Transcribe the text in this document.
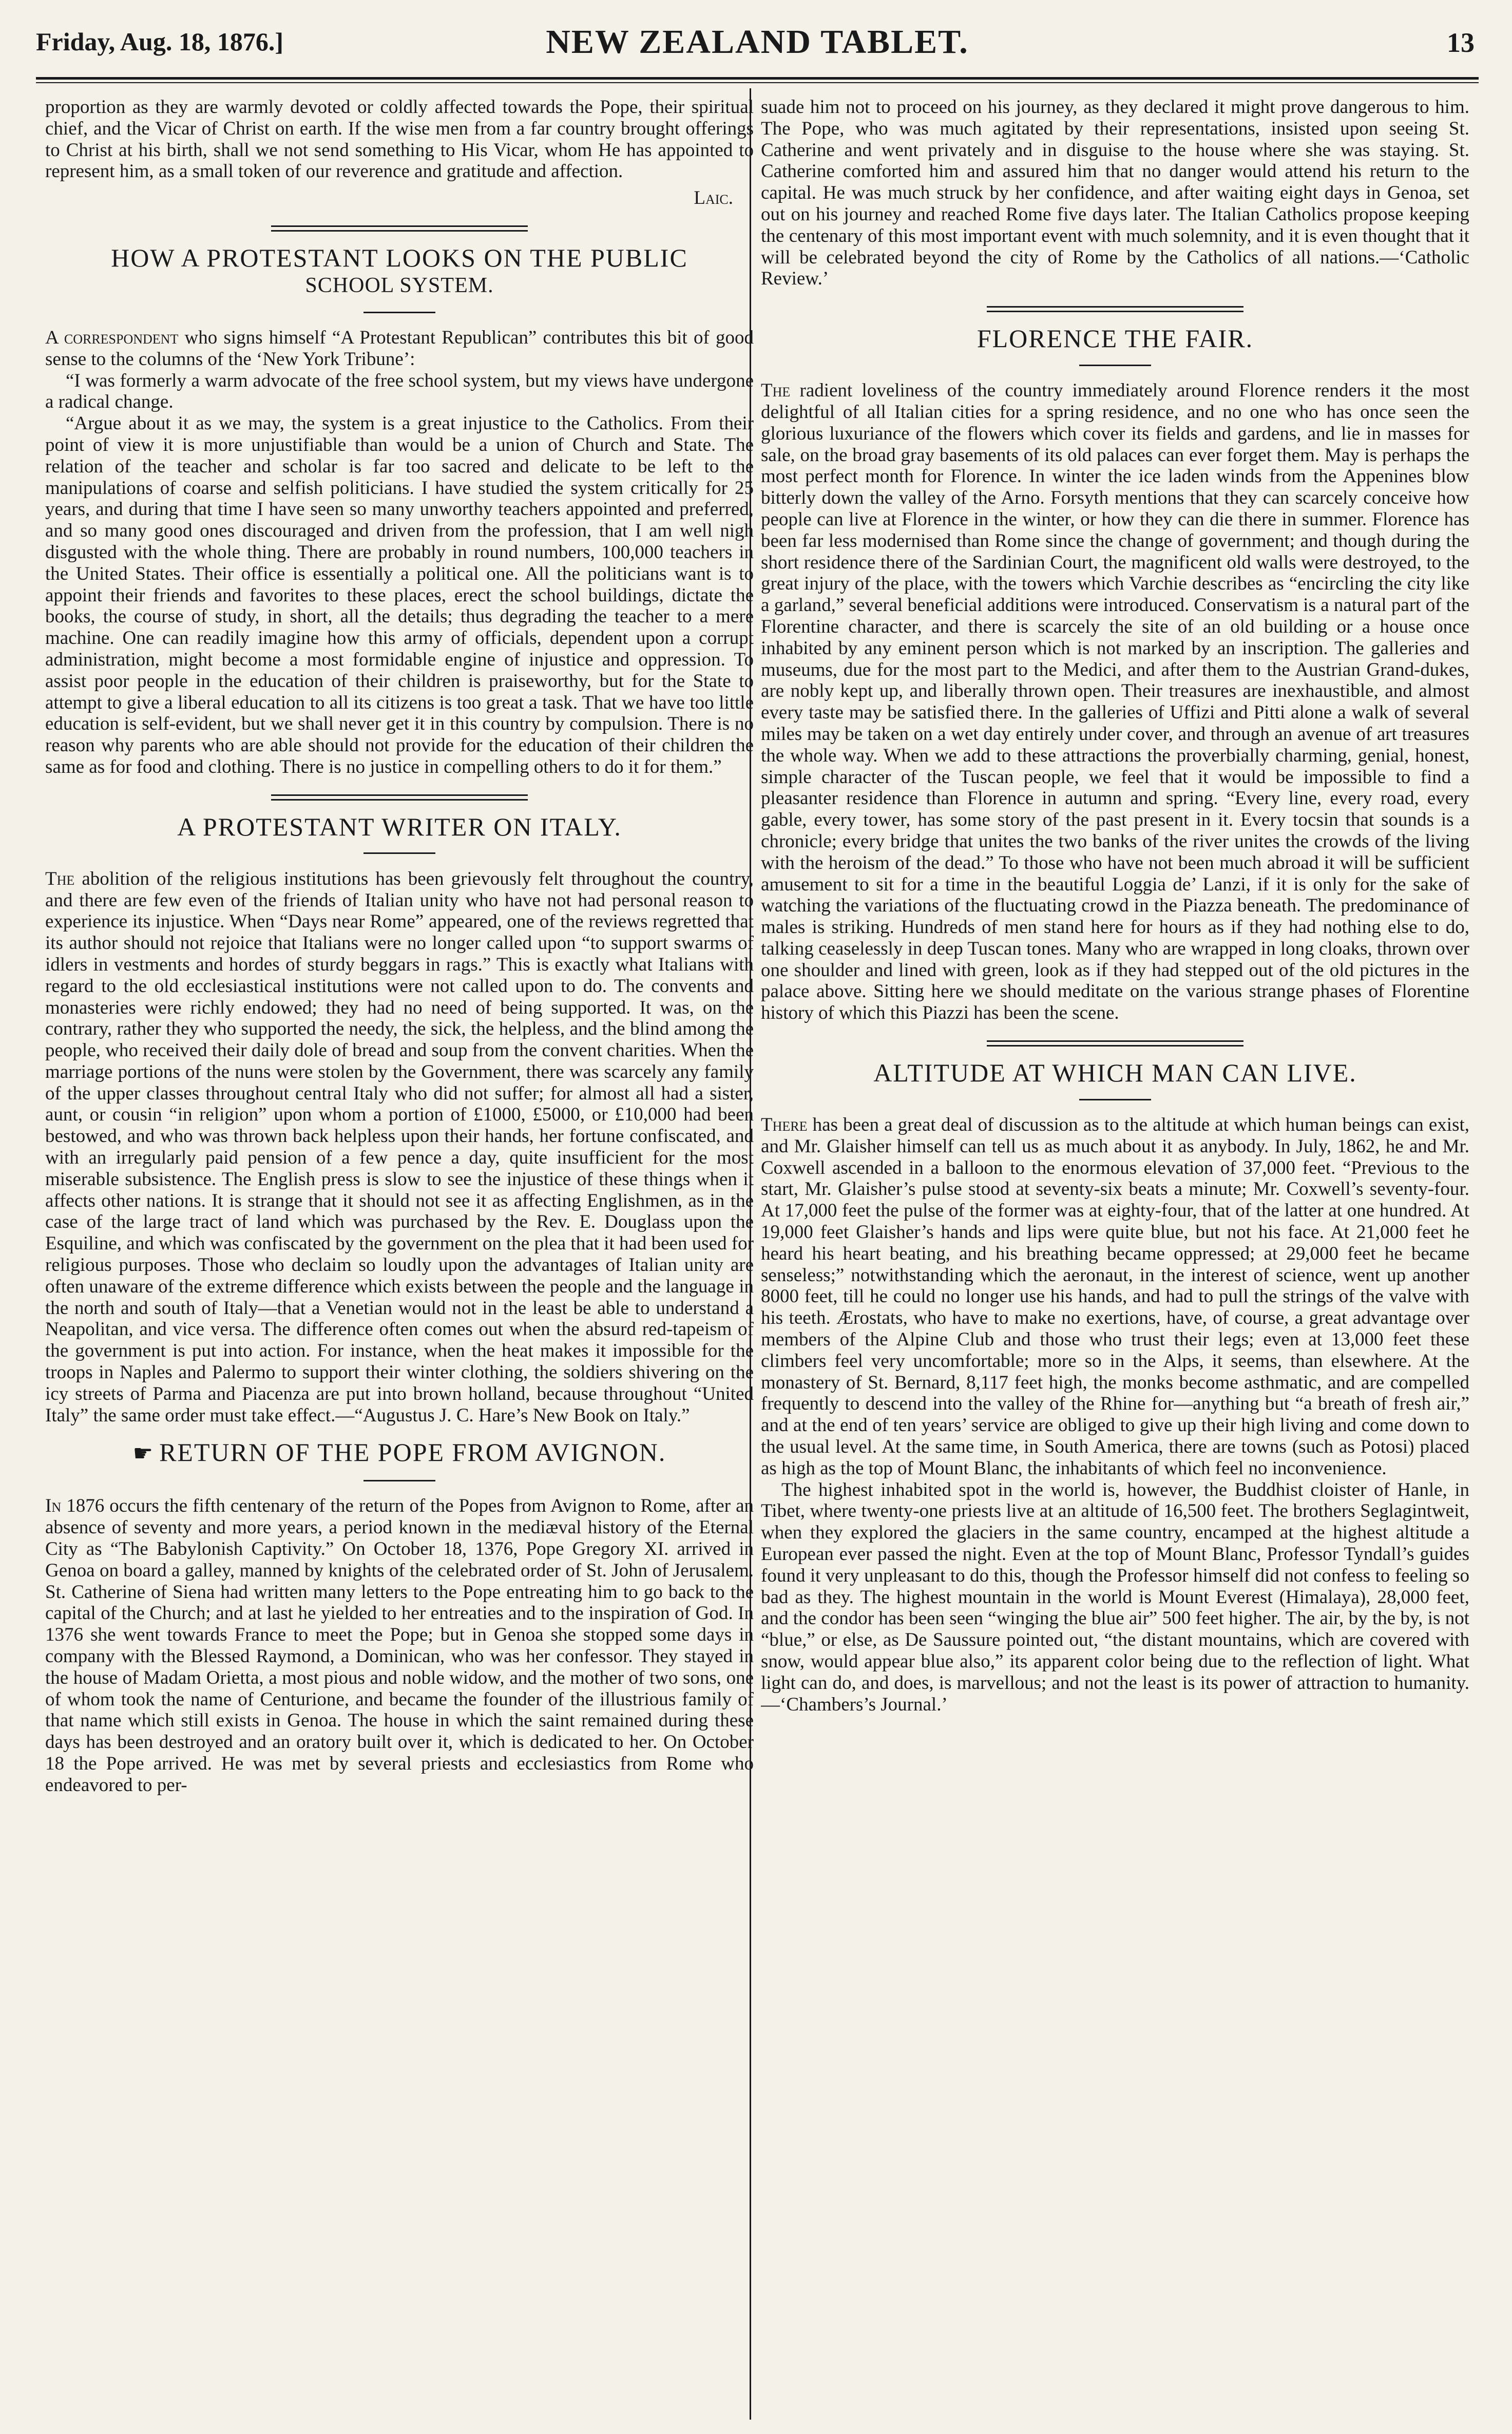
Friday, Aug. 18, 1876.]	NEW ZEALAND TABLET.	13

proportion as they are warmly devoted or coldly affected towards the Pope, their spiritual chief, and the Vicar of Christ on earth. If the wise men from a far country brought offerings to Christ at his birth, shall we not send something to His Vicar, whom He has appointed to represent him, as a small token of our reverence and gratitude and affection.

Laic.
HOW A PROTESTANT LOOKS ON THE PUBLIC
SCHOOL SYSTEM.

A correspondent who signs himself “A Protestant Republican” contributes this bit of good sense to the columns of the ‘New York Tribune’:

“I was formerly a warm advocate of the free school system, but my views have undergone a radical change.

“Argue about it as we may, the system is a great injustice to the Catholics. From their point of view it is more unjustifiable than would be a union of Church and State. The relation of the teacher and scholar is far too sacred and delicate to be left to the manipulations of coarse and selfish politicians. I have studied the system critically for 25 years, and during that time I have seen so many unworthy teachers appointed and preferred, and so many good ones discouraged and driven from the profession, that I am well nigh disgusted with the whole thing. There are probably in round numbers, 100,000 teachers in the United States. Their office is essentially a political one. All the politicians want is to appoint their friends and favorites to these places, erect the school buildings, dictate the books, the course of study, in short, all the details; thus degrading the teacher to a mere machine. One can readily imagine how this army of officials, dependent upon a corrupt administration, might become a most formidable engine of injustice and oppression. To assist poor people in the education of their children is praiseworthy, but for the State to attempt to give a liberal education to all its citizens is too great a task. That we have too little education is self-evident, but we shall never get it in this country by compulsion. There is no reason why parents who are able should not provide for the education of their children the same as for food and clothing. There is no justice in compelling others to do it for them.”

A PROTESTANT WRITER ON ITALY.

The abolition of the religious institutions has been grievously felt throughout the country, and there are few even of the friends of Italian unity who have not had personal reason to experience its injustice. When “Days near Rome” appeared, one of the reviews regretted that its author should not rejoice that Italians were no longer called upon “to support swarms of idlers in vestments and hordes of sturdy beggars in rags.” This is exactly what Italians with regard to the old ecclesiastical institutions were not called upon to do. The convents and monasteries were richly endowed; they had no need of being supported. It was, on the contrary, rather they who supported the needy, the sick, the helpless, and the blind among the people, who received their daily dole of bread and soup from the convent charities. When the marriage portions of the nuns were stolen by the Government, there was scarcely any family of the upper classes throughout central Italy who did not suffer; for almost all had a sister, aunt, or cousin “in religion” upon whom a portion of £1000, £5000, or £10,000 had been bestowed, and who was thrown back helpless upon their hands, her fortune confiscated, and with an irregularly paid pension of a few pence a day, quite insufficient for the most miserable subsistence. The English press is slow to see the injustice of these things when it affects other nations. It is strange that it should not see it as affecting Englishmen, as in the case of the large tract of land which was purchased by the Rev. E. Douglass upon the Esquiline, and which was confiscated by the government on the plea that it had been used for religious purposes. Those who declaim so loudly upon the advantages of Italian unity are often unaware of the extreme difference which exists between the people and the language in the north and south of Italy—that a Venetian would not in the least be able to understand a Neapolitan, and vice versa. The difference often comes out when the absurd red-tapeism of the government is put into action. For instance, when the heat makes it impossible for the troops in Naples and Palermo to support their winter clothing, the soldiers shivering on the icy streets of Parma and Piacenza are put into brown holland, because throughout “United Italy” the same order must take effect.—“Augustus J. C. Hare’s New Book on Italy.”

☛ RETURN OF THE POPE FROM AVIGNON.

In 1876 occurs the fifth centenary of the return of the Popes from Avignon to Rome, after an absence of seventy and more years, a period known in the mediæval history of the Eternal City as “The Babylonish Captivity.” On October 18, 1376, Pope Gregory XI. arrived in Genoa on board a galley, manned by knights of the celebrated order of St. John of Jerusalem. St. Catherine of Siena had written many letters to the Pope entreating him to go back to the capital of the Church; and at last he yielded to her entreaties and to the inspiration of God. In 1376 she went towards France to meet the Pope; but in Genoa she stopped some days in company with the Blessed Raymond, a Dominican, who was her confessor. They stayed in the house of Madam Orietta, a most pious and noble widow, and the mother of two sons, one of whom took the name of Centurione, and became the founder of the illustrious family of that name which still exists in Genoa. The house in which the saint remained during these days has been destroyed and an oratory built over it, which is dedicated to her. On October 18 the Pope arrived. He was met by several priests and ecclesiastics from Rome who endeavored to per-

suade him not to proceed on his journey, as they declared it might prove dangerous to him. The Pope, who was much agitated by their representations, insisted upon seeing St. Catherine and went privately and in disguise to the house where she was staying. St. Catherine comforted him and assured him that no danger would attend his return to the capital. He was much struck by her confidence, and after waiting eight days in Genoa, set out on his journey and reached Rome five days later. The Italian Catholics propose keeping the centenary of this most important event with much solemnity, and it is even thought that it will be celebrated beyond the city of Rome by the Catholics of all nations.—‘Catholic Review.’

FLORENCE THE FAIR.

The radient loveliness of the country immediately around Florence renders it the most delightful of all Italian cities for a spring residence, and no one who has once seen the glorious luxuriance of the flowers which cover its fields and gardens, and lie in masses for sale, on the broad gray basements of its old palaces can ever forget them. May is perhaps the most perfect month for Florence. In winter the ice laden winds from the Appenines blow bitterly down the valley of the Arno. Forsyth mentions that they can scarcely conceive how people can live at Florence in the winter, or how they can die there in summer. Florence has been far less modernised than Rome since the change of government; and though during the short residence there of the Sardinian Court, the magnificent old walls were destroyed, to the great injury of the place, with the towers which Varchie describes as “encircling the city like a garland,” several beneficial additions were introduced. Conservatism is a natural part of the Florentine character, and there is scarcely the site of an old building or a house once inhabited by any eminent person which is not marked by an inscription. The galleries and museums, due for the most part to the Medici, and after them to the Austrian Grand-dukes, are nobly kept up, and liberally thrown open. Their treasures are inexhaustible, and almost every taste may be satisfied there. In the galleries of Uffizi and Pitti alone a walk of several miles may be taken on a wet day entirely under cover, and through an avenue of art treasures the whole way. When we add to these attractions the proverbially charming, genial, honest, simple character of the Tuscan people, we feel that it would be impossible to find a pleasanter residence than Florence in autumn and spring. “Every line, every road, every gable, every tower, has some story of the past present in it. Every tocsin that sounds is a chronicle; every bridge that unites the two banks of the river unites the crowds of the living with the heroism of the dead.” To those who have not been much abroad it will be sufficient amusement to sit for a time in the beautiful Loggia de’ Lanzi, if it is only for the sake of watching the variations of the fluctuating crowd in the Piazza beneath. The predominance of males is striking. Hundreds of men stand here for hours as if they had nothing else to do, talking ceaselessly in deep Tuscan tones. Many who are wrapped in long cloaks, thrown over one shoulder and lined with green, look as if they had stepped out of the old pictures in the palace above. Sitting here we should meditate on the various strange phases of Florentine history of which this Piazzi has been the scene.

ALTITUDE AT WHICH MAN CAN LIVE.

There has been a great deal of discussion as to the altitude at which human beings can exist, and Mr. Glaisher himself can tell us as much about it as anybody. In July, 1862, he and Mr. Coxwell ascended in a balloon to the enormous elevation of 37,000 feet. “Previous to the start, Mr. Glaisher’s pulse stood at seventy-six beats a minute; Mr. Coxwell’s seventy-four. At 17,000 feet the pulse of the former was at eighty-four, that of the latter at one hundred. At 19,000 feet Glaisher’s hands and lips were quite blue, but not his face. At 21,000 feet he heard his heart beating, and his breathing became oppressed; at 29,000 feet he became senseless;” notwithstanding which the aeronaut, in the interest of science, went up another 8000 feet, till he could no longer use his hands, and had to pull the strings of the valve with his teeth. Ærostats, who have to make no exertions, have, of course, a great advantage over members of the Alpine Club and those who trust their legs; even at 13,000 feet these climbers feel very uncomfortable; more so in the Alps, it seems, than elsewhere. At the monastery of St. Bernard, 8,117 feet high, the monks become asthmatic, and are compelled frequently to descend into the valley of the Rhine for—anything but “a breath of fresh air,” and at the end of ten years’ service are obliged to give up their high living and come down to the usual level. At the same time, in South America, there are towns (such as Potosi) placed as high as the top of Mount Blanc, the inhabitants of which feel no inconvenience.

The highest inhabited spot in the world is, however, the Buddhist cloister of Hanle, in Tibet, where twenty-one priests live at an altitude of 16,500 feet. The brothers Seglagintweit, when they explored the glaciers in the same country, encamped at the highest altitude a European ever passed the night. Even at the top of Mount Blanc, Professor Tyndall’s guides found it very unpleasant to do this, though the Professor himself did not confess to feeling so bad as they. The highest mountain in the world is Mount Everest (Himalaya), 28,000 feet, and the condor has been seen “winging the blue air” 500 feet higher. The air, by the by, is not “blue,” or else, as De Saussure pointed out, “the distant mountains, which are covered with snow, would appear blue also,” its apparent color being due to the reflection of light. What light can do, and does, is marvellous; and not the least is its power of attraction to humanity.—‘Chambers’s Journal.’
